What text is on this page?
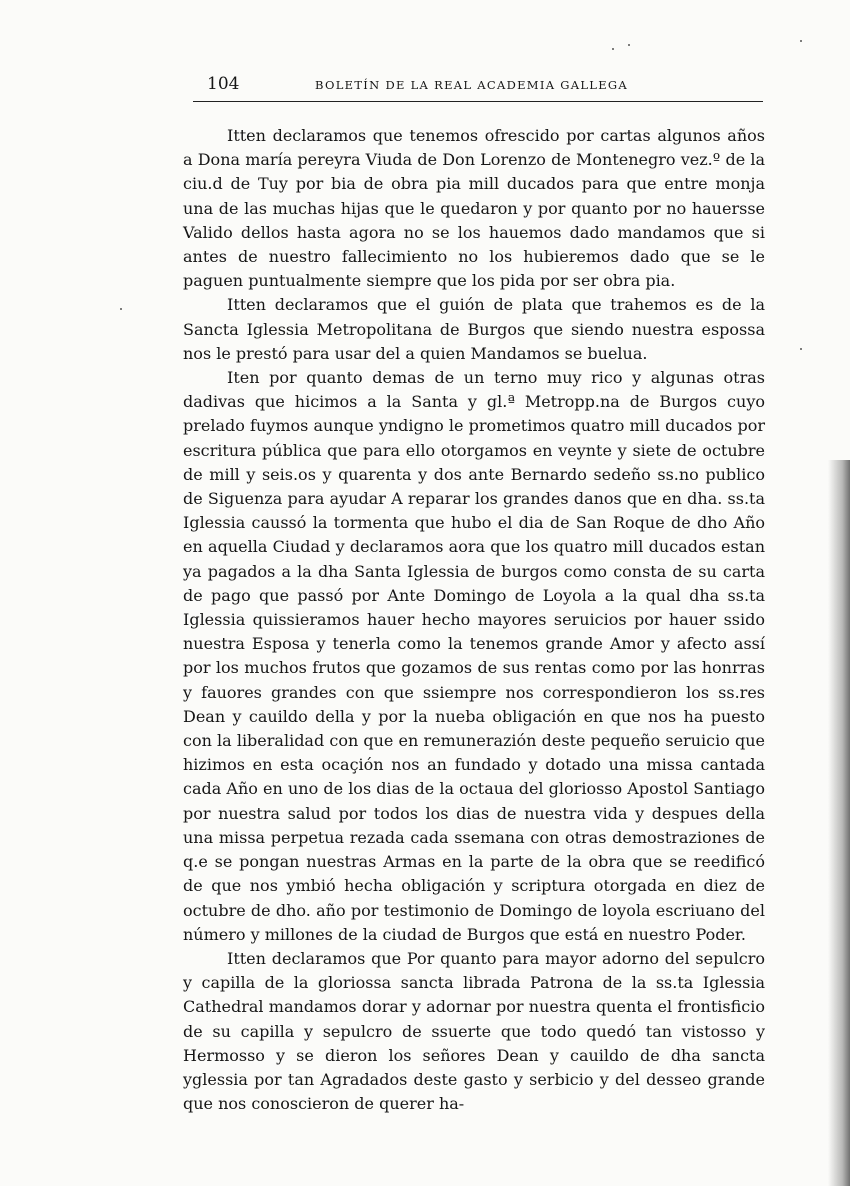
104	BOLETÍN DE LA REAL ACADEMIA GALLEGA

Itten declaramos que tenemos ofrescido por cartas algunos años a Dona maría pereyra Viuda de Don Lorenzo de Montenegro vez.º de la ciu.d de Tuy por bia de obra pia mill ducados para que entre monja una de las muchas hijas que le quedaron y por quanto por no hauersse Valido dellos hasta agora no se los hauemos dado mandamos que si antes de nuestro fallecimiento no los hubieremos dado que se le paguen puntualmente siempre que los pida por ser obra pia.

Itten declaramos que el guión de plata que trahemos es de la Sancta Iglessia Metropolitana de Burgos que siendo nuestra espossa nos le prestó para usar del a quien Mandamos se buelua.

Iten por quanto demas de un terno muy rico y algunas otras dadivas que hicimos a la Santa y gl.ª Metropp.na de Burgos cuyo prelado fuymos aunque yndigno le prometimos quatro mill ducados por escritura pública que para ello otorgamos en veynte y siete de octubre de mill y seis.os y quarenta y dos ante Bernardo sedeño ss.no publico de Siguenza para ayudar A reparar los grandes danos que en dha. ss.ta Iglessia caussó la tormenta que hubo el dia de San Roque de dho Año en aquella Ciudad y declaramos aora que los quatro mill ducados estan ya pagados a la dha Santa Iglessia de burgos como consta de su carta de pago que passó por Ante Domingo de Loyola a la qual dha ss.ta Iglessia quissieramos hauer hecho mayores seruicios por hauer ssido nuestra Esposa y tenerla como la tenemos grande Amor y afecto assí por los muchos frutos que gozamos de sus rentas como por las honrras y fauores grandes con que ssiempre nos correspondieron los ss.res Dean y cauildo della y por la nueba obligación en que nos ha puesto con la liberalidad con que en remunerazión deste pequeño seruicio que hizimos en esta ocaçión nos an fundado y dotado una missa cantada cada Año en uno de los dias de la octaua del gloriosso Apostol Santiago por nuestra salud por todos los dias de nuestra vida y despues della una missa perpetua rezada cada ssemana con otras demostraziones de q.e se pongan nuestras Armas en la parte de la obra que se reedificó de que nos ymbió hecha obligación y scriptura otorgada en diez de octubre de dho. año por testimonio de Domingo de loyola escriuano del número y millones de la ciudad de Burgos que está en nuestro Poder.

Itten declaramos que Por quanto para mayor adorno del sepulcro y capilla de la gloriossa sancta librada Patrona de la ss.ta Iglessia Cathedral mandamos dorar y adornar por nuestra quenta el frontisficio de su capilla y sepulcro de ssuerte que todo quedó tan vistosso y Hermosso y se dieron los señores Dean y cauildo de dha sancta yglessia por tan Agradados deste gasto y serbicio y del desseo grande que nos conoscieron de querer ha-
